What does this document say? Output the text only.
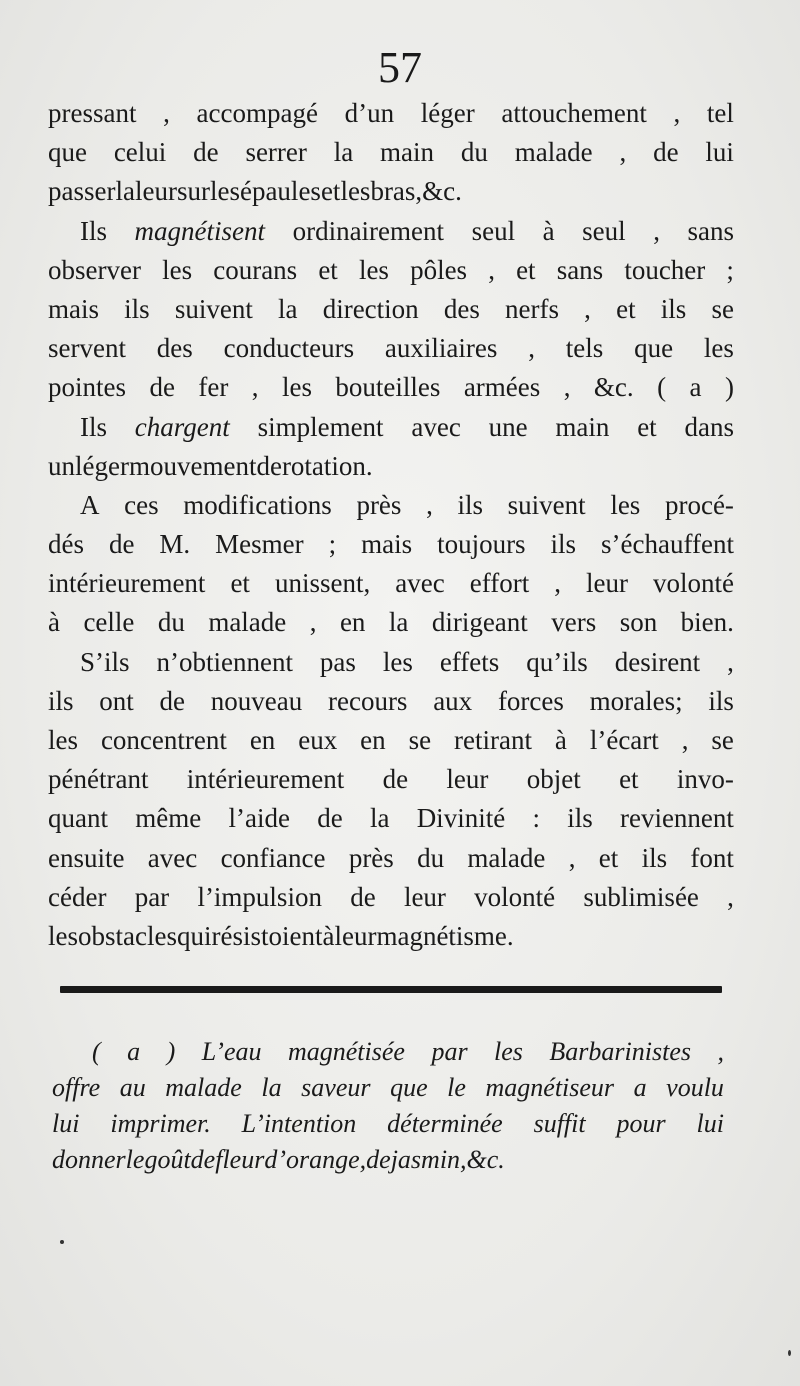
57
pressant , accompagé d’un léger attouchement , tel
que celui de serrer la main du malade , de lui
passer la leur sur les épaules et les bras , &c.
Ils magnétisent ordinairement seul à seul , sans
observer les courans et les pôles , et sans toucher ;
mais ils suivent la direction des nerfs , et ils se
servent des conducteurs auxiliaires , tels que les
pointes de fer , les bouteilles armées , &c. ( a )
Ils chargent simplement avec une main et dans
un léger mouvement de rotation.
A ces modifications près , ils suivent les procé-
dés de M. Mesmer ; mais toujours ils s’échauffent
intérieurement et unissent, avec effort , leur volonté
à celle du malade , en la dirigeant vers son bien.
S’ils n’obtiennent pas les effets qu’ils desirent ,
ils ont de nouveau recours aux forces morales; ils
les concentrent en eux en se retirant à l’écart , se
pénétrant intérieurement de leur objet et invo-
quant même l’aide de la Divinité : ils reviennent
ensuite avec confiance près du malade , et ils font
céder par l’impulsion de leur volonté sublimisée ,
les obstacles qui résistoient à leur magnétisme.
( a ) L’eau magnétisée par les Barbarinistes ,
offre au malade la saveur que le magnétiseur a voulu
lui imprimer. L’intention déterminée suffit pour lui
donner le goût de fleur d’orange , de jasmin , &c.
